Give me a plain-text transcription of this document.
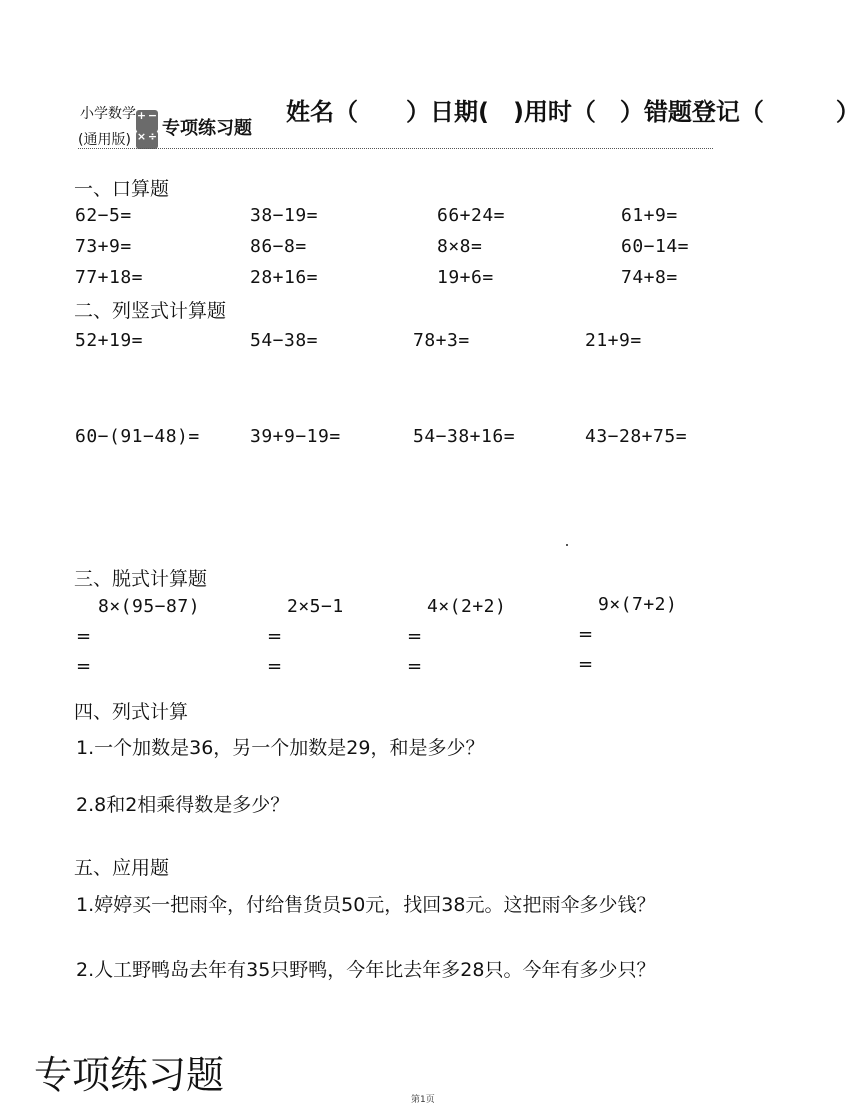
小学数学
(通用版)
+ −
× ÷ 专项练习题
姓名（　　）日期(　)用时（　）错题登记（　　　）
一、口算题
62−5=	38−19=	66+24=	61+9=
73+9=	86−8=	8×8=	60−14=
77+18=	28+16=	19+6=	74+8=
二、列竖式计算题
52+19=	54−38=	78+3=	21+9=
60−(91−48)=	39+9−19=	54−38+16=	43−28+75=
三、脱式计算题
8×(95−87)	2×5−1	4×(2+2)	9×(7+2)
=	=	=	=
=	=	=	=
四、列式计算
1.一个加数是36，另一个加数是29，和是多少？
2.8和2相乘得数是多少？
五、应用题
1.婷婷买一把雨伞，付给售货员50元，找回38元。这把雨伞多少钱？
2.人工野鸭岛去年有35只野鸭，今年比去年多28只。今年有多少只？
专项练习题
第1页
